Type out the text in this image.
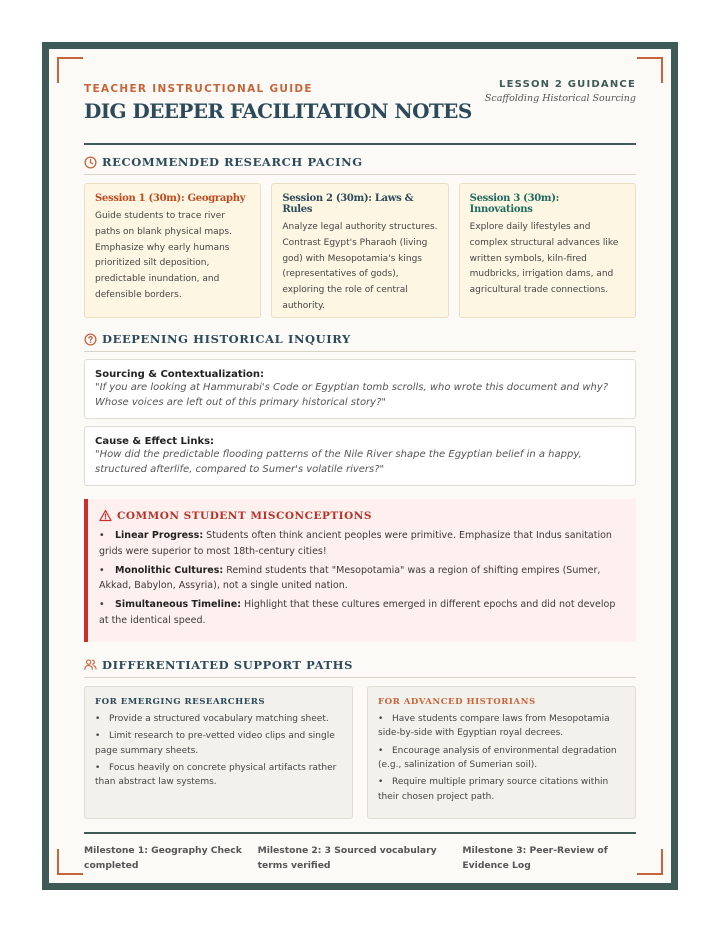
TEACHER INSTRUCTIONAL GUIDE
DIG DEEPER FACILITATION NOTES
LESSON 2 GUIDANCE
Scaffolding Historical Sourcing
RECOMMENDED RESEARCH PACING
Session 1 (30m): Geography
Guide students to trace river paths on blank physical maps. Emphasize why early humans prioritized silt deposition, predictable inundation, and defensible borders.
Session 2 (30m): Laws & Rules
Analyze legal authority structures. Contrast Egypt's Pharaoh (living god) with Mesopotamia's kings (representatives of gods), exploring the role of central authority.
Session 3 (30m): Innovations
Explore daily lifestyles and complex structural advances like written symbols, kiln-fired mudbricks, irrigation dams, and agricultural trade connections.
DEEPENING HISTORICAL INQUIRY
Sourcing & Contextualization:
"If you are looking at Hammurabi's Code or Egyptian tomb scrolls, who wrote this document and why? Whose voices are left out of this primary historical story?"
Cause & Effect Links:
"How did the predictable flooding patterns of the Nile River shape the Egyptian belief in a happy, structured afterlife, compared to Sumer's volatile rivers?"
COMMON STUDENT MISCONCEPTIONS
• Linear Progress: Students often think ancient peoples were primitive. Emphasize that Indus sanitation grids were superior to most 18th-century cities!
• Monolithic Cultures: Remind students that "Mesopotamia" was a region of shifting empires (Sumer, Akkad, Babylon, Assyria), not a single united nation.
• Simultaneous Timeline: Highlight that these cultures emerged in different epochs and did not develop at the identical speed.
DIFFERENTIATED SUPPORT PATHS
FOR EMERGING RESEARCHERS
• Provide a structured vocabulary matching sheet.
• Limit research to pre-vetted video clips and single page summary sheets.
• Focus heavily on concrete physical artifacts rather than abstract law systems.
FOR ADVANCED HISTORIANS
• Have students compare laws from Mesopotamia side-by-side with Egyptian royal decrees.
• Encourage analysis of environmental degradation (e.g., salinization of Sumerian soil).
• Require multiple primary source citations within their chosen project path.
Milestone 1: Geography Check completed
Milestone 2: 3 Sourced vocabulary terms verified
Milestone 3: Peer-Review of Evidence Log
